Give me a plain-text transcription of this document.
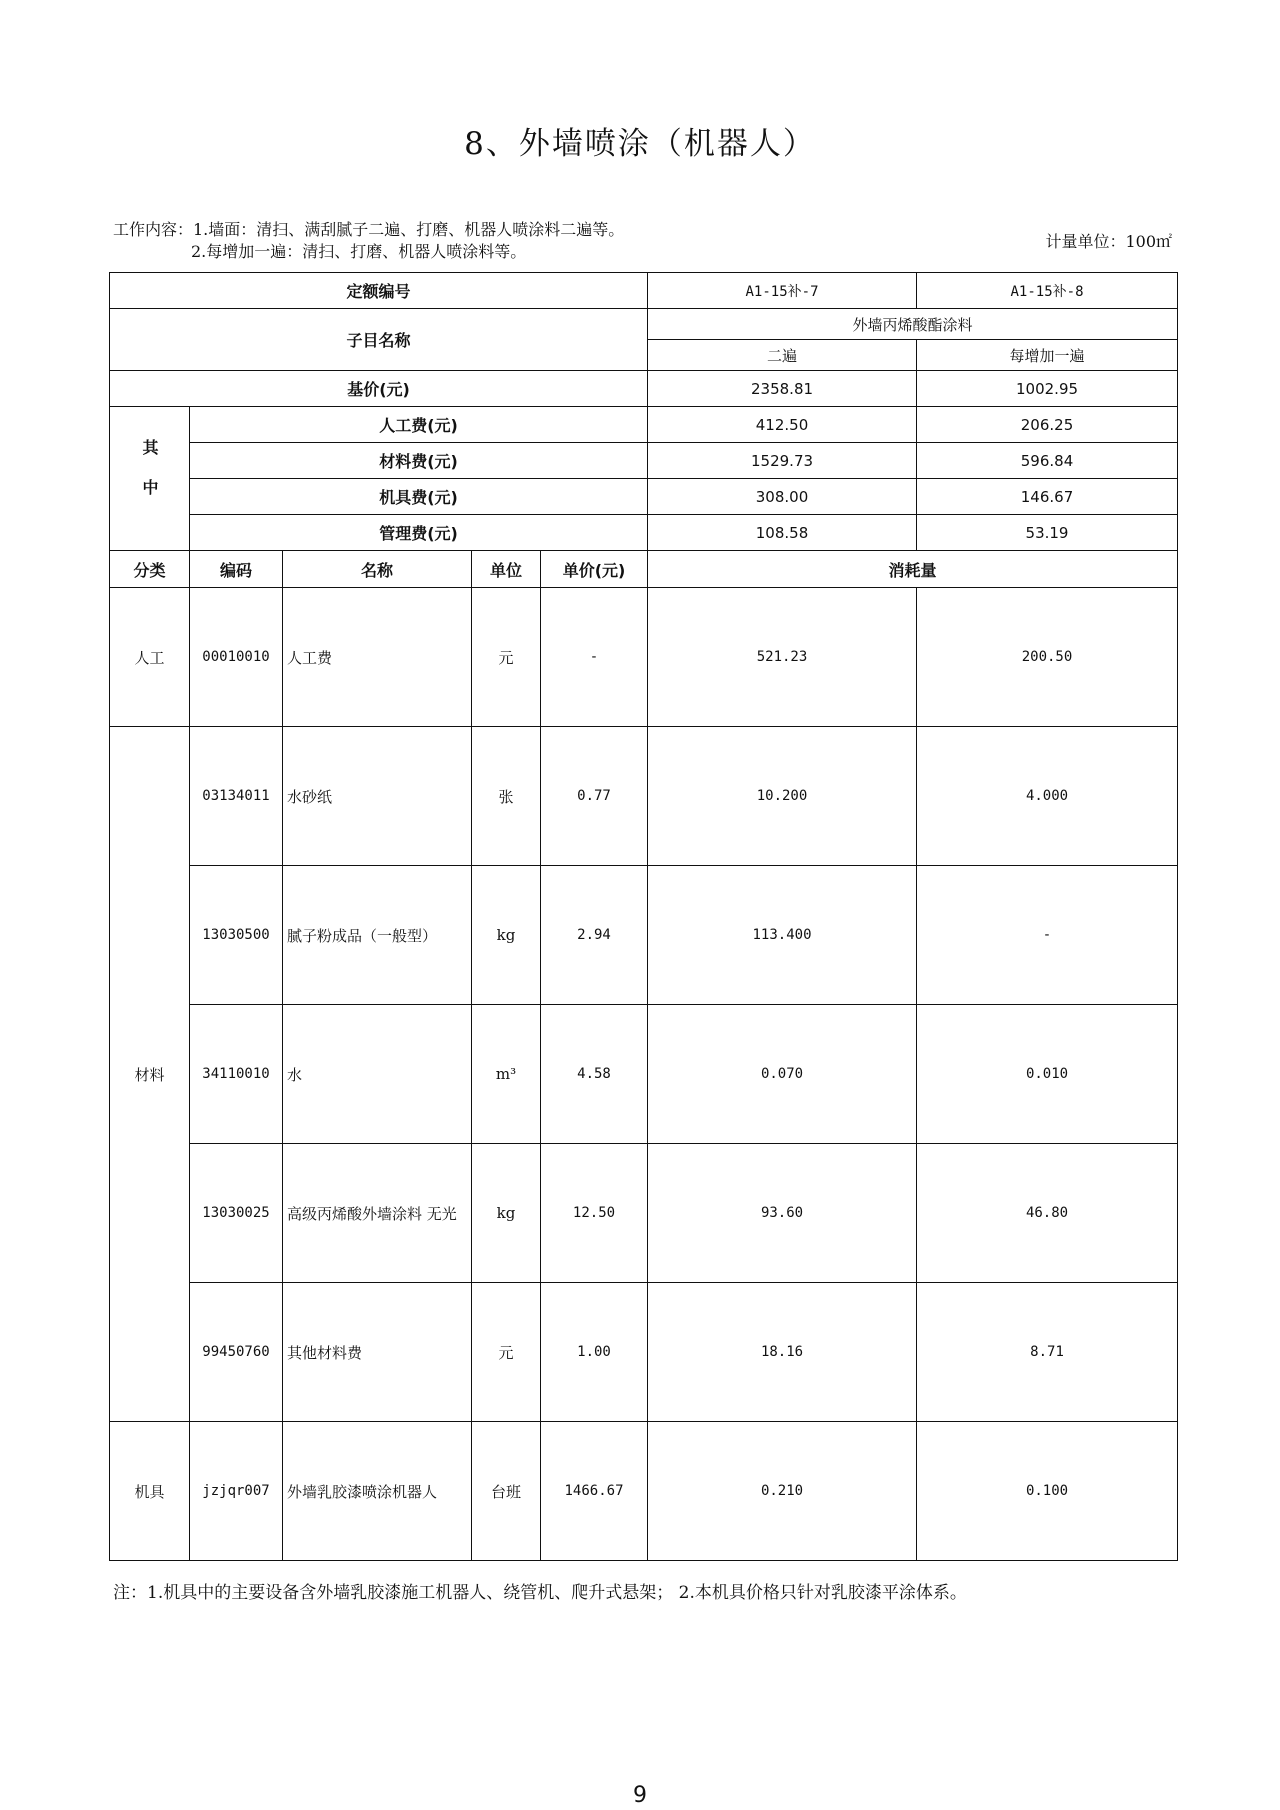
8、外墙喷涂（机器人）
工作内容：1.墙面：清扫、满刮腻子二遍、打磨、机器人喷涂料二遍等。
2.每增加一遍：清扫、打磨、机器人喷涂料等。
计量单位：100㎡
定额编号					A1-15补-7	A1-15补-8
子目名称					外墙丙烯酸酯涂料	
					二遍	每增加一遍
基价(元)					2358.81	1002.95

其中	人工费(元)				412.50	206.25
	材料费(元)				1529.73	596.84
	机具费(元)				308.00	146.67
	管理费(元)				108.58	53.19
分类	编码	名称	单位	单价(元)	消耗量	
人工	00010010	人工费	元	-	521.23	200.50
材料	03134011	水砂纸	张	0.77	10.200	4.000
	13030500	腻子粉成品（一般型）	kg	2.94	113.400	-
	34110010	水	m³	4.58	0.070	0.010
	13030025	高级丙烯酸外墙涂料 无光	kg	12.50	93.60	46.80
	99450760	其他材料费	元	1.00	18.16	8.71
机具	jzjqr007	外墙乳胶漆喷涂机器人	台班	1466.67	0.210	0.100
注：1.机具中的主要设备含外墙乳胶漆施工机器人、绕管机、爬升式悬架； 2.本机具价格只针对乳胶漆平涂体系。
9
